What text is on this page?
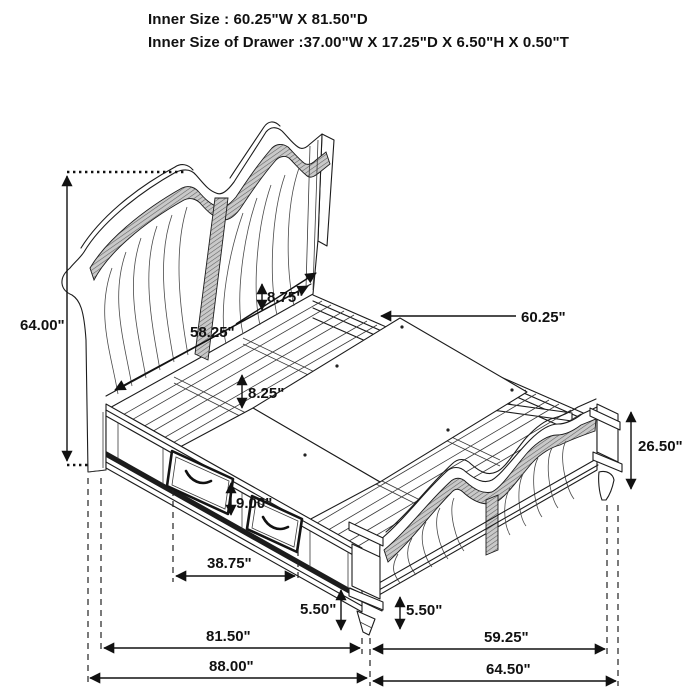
Inner Size : 60.25"W X 81.50"D
Inner Size of Drawer :37.00"W X 17.25"D X 6.50"H X 0.50"T
64.00"
8.75"
58.25"
8.25"
60.25"
26.50"
9.00"
38.75"
5.50"	5.50"
81.50"
88.00"
59.25"
64.50"
